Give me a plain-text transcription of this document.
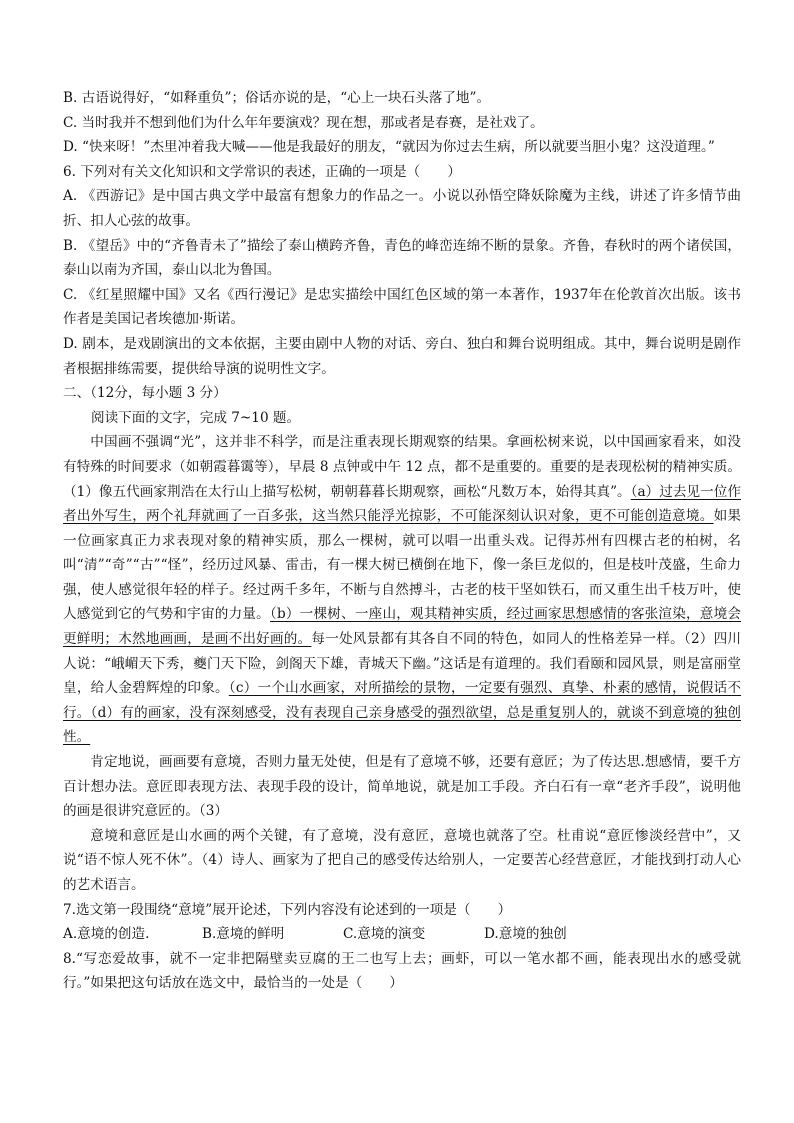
B. 古语说得好，“如释重负”；俗话亦说的是，“心上一块石头落了地”。

C. 当时我并不想到他们为什么年年要演戏？现在想，那或者是春赛，是社戏了。

D. “快来呀！”杰里冲着我大喊——他是我最好的朋友，“就因为你过去生病，所以就要当胆小鬼？这没道理。”

6. 下列对有关文化知识和文学常识的表述，正确的一项是（　　）

A. 《西游记》是中国古典文学中最富有想象力的作品之一。小说以孙悟空降妖除魔为主线，讲述了许多情节曲折、扣人心弦的故事。

B. 《望岳》中的“齐鲁青未了”描绘了泰山横跨齐鲁，青色的峰峦连绵不断的景象。齐鲁，春秋时的两个诸侯国，泰山以南为齐国，泰山以北为鲁国。

C. 《红星照耀中国》又名《西行漫记》是忠实描绘中国红色区域的第一本著作，1937年在伦敦首次出版。该书作者是美国记者埃德加·斯诺。

D. 剧本，是戏剧演出的文本依据，主要由剧中人物的对话、旁白、独白和舞台说明组成。其中，舞台说明是剧作者根据排练需要，提供给导演的说明性文字。

二、（12分，每小题 3 分）

阅读下面的文字，完成 7~10 题。

中国画不强调“光”，这并非不科学，而是注重表现长期观察的结果。拿画松树来说，以中国画家看来，如没有特殊的时间要求（如朝霞暮霭等），早晨 8 点钟或中午 12 点，都不是重要的。重要的是表现松树的精神实质。（1）像五代画家荆浩在太行山上描写松树，朝朝暮暮长期观察，画松“凡数万本，始得其真”。（a）过去见一位作者出外写生，两个礼拜就画了一百多张，这当然只能浮光掠影，不可能深刻认识对象，更不可能创造意境。如果一位画家真正力求表现对象的精神实质，那么一棵树，就可以唱一出重头戏。记得苏州有四棵古老的柏树，名叫“清”“奇”“古”“怪”，经历过风暴、雷击，有一棵大树已横倒在地下，像一条巨龙似的，但是枝叶茂盛，生命力强，使人感觉很年轻的样子。经过两千多年，不断与自然搏斗，古老的枝干坚如铁石，而又重生出千枝万叶，使人感觉到它的气势和宇宙的力量。（b）一棵树、一座山，观其精神实质，经过画家思想感情的客张渲染，意境会更鲜明；木然地画画，是画不出好画的。每一处风景都有其各自不同的特色，如同人的性格差异一样。（2）四川人说：“峨嵋天下秀，夔门天下险，剑阁天下雄，青城天下幽。”这话是有道理的。我们看颐和园风景，则是富丽堂皇，给人金碧辉煌的印象。（c）一个山水画家，对所描绘的景物，一定要有强烈、真挚、朴素的感情，说假话不行。（d）有的画家，没有深刻感受，没有表现自己亲身感受的强烈欲望，总是重复别人的，就谈不到意境的独创性。

肯定地说，画画要有意境，否则力量无处使，但是有了意境不够，还要有意匠；为了传达思.想感情，要千方百计想办法。意匠即表现方法、表现手段的设计，简单地说，就是加工手段。齐白石有一章“老齐手段”，说明他的画是很讲究意匠的。（3）

意境和意匠是山水画的两个关键，有了意境，没有意匠，意境也就落了空。杜甫说“意匠惨淡经营中”，又说“语不惊人死不休”。（4）诗人、画家为了把自己的感受传达给别人，一定要苦心经营意匠，才能找到打动人心的艺术语言。

7.选文第一段围绕“意境”展开论述，下列内容没有论述到的一项是（　　）

A.意境的创造.	B.意境的鲜明	C.意境的演变	D.意境的独创

8.“写恋爱故事，就不一定非把隔壁卖豆腐的王二也写上去；画虾，可以一笔水都不画，能表现出水的感受就行。”如果把这句话放在选文中，最恰当的一处是（　　）
